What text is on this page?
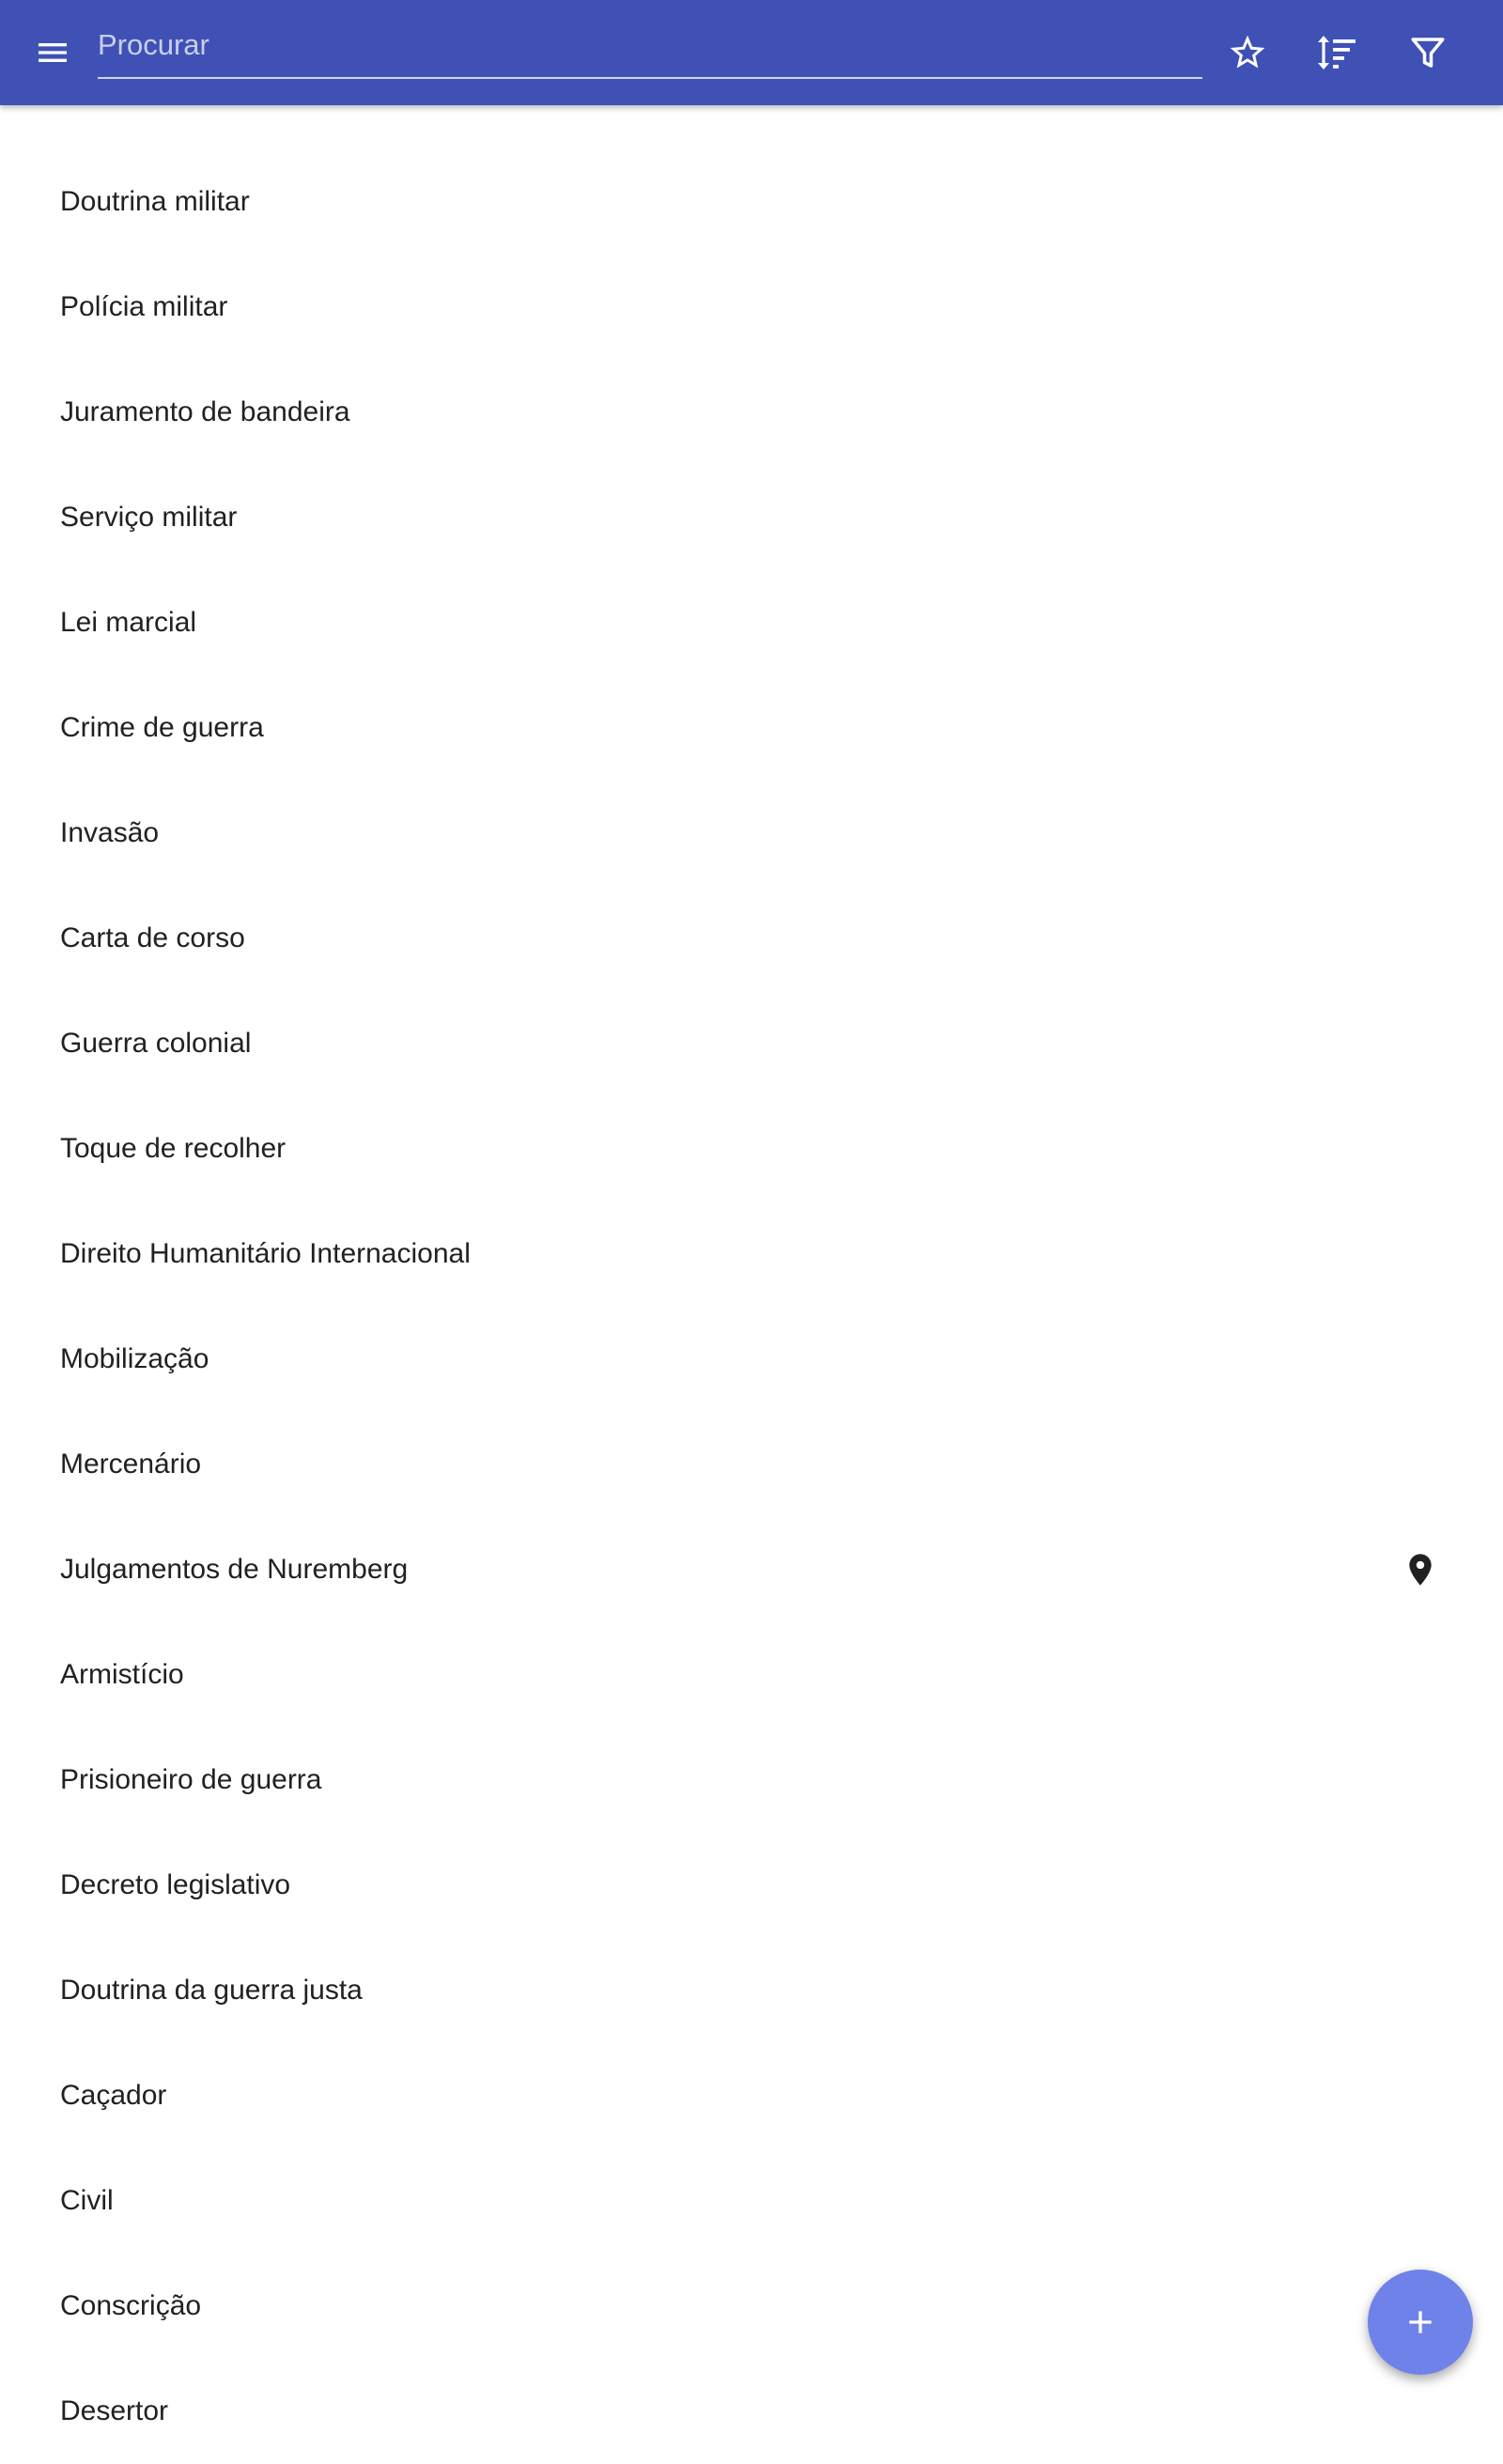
Procurar
Doutrina militar
Polícia militar
Juramento de bandeira
Serviço militar
Lei marcial
Crime de guerra
Invasão
Carta de corso
Guerra colonial
Toque de recolher
Direito Humanitário Internacional
Mobilização
Mercenário
Julgamentos de Nuremberg
Armistício
Prisioneiro de guerra
Decreto legislativo
Doutrina da guerra justa
Caçador
Civil
Conscrição
Desertor
